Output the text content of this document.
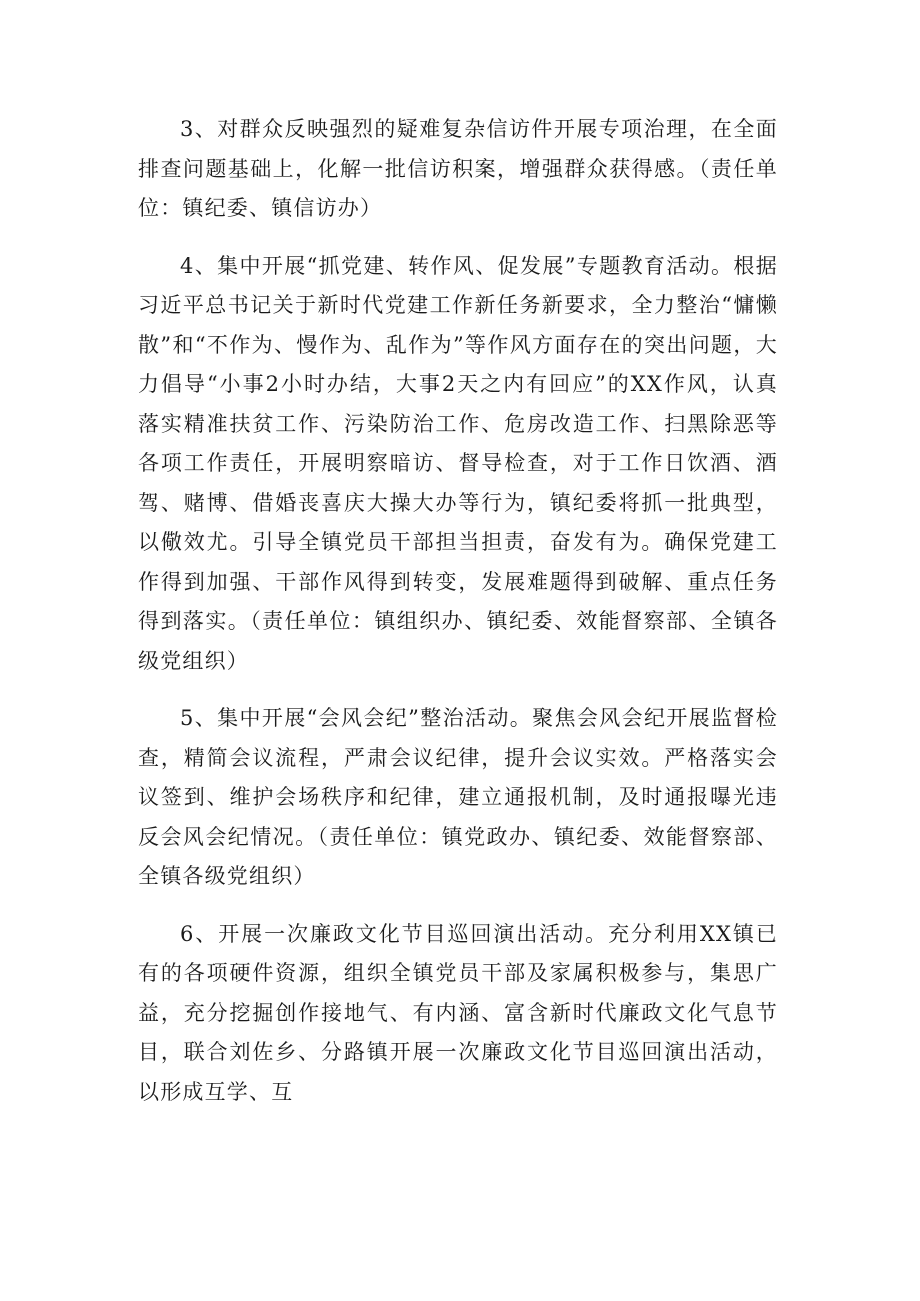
3、对群众反映强烈的疑难复杂信访件开展专项治理，在全面排查问题基础上，化解一批信访积案，增强群众获得感。（责任单位：镇纪委、镇信访办）

4、集中开展“抓党建、转作风、促发展”专题教育活动。根据习近平总书记关于新时代党建工作新任务新要求，全力整治“慵懒散”和“不作为、慢作为、乱作为”等作风方面存在的突出问题，大力倡导“小事2小时办结，大事2天之内有回应”的XX作风，认真落实精准扶贫工作、污染防治工作、危房改造工作、扫黑除恶等各项工作责任，开展明察暗访、督导检查，对于工作日饮酒、酒驾、赌博、借婚丧喜庆大操大办等行为，镇纪委将抓一批典型，以儆效尤。引导全镇党员干部担当担责，奋发有为。确保党建工作得到加强、干部作风得到转变，发展难题得到破解、重点任务得到落实。（责任单位：镇组织办、镇纪委、效能督察部、全镇各级党组织）

5、集中开展“会风会纪”整治活动。聚焦会风会纪开展监督检查，精简会议流程，严肃会议纪律，提升会议实效。严格落实会议签到、维护会场秩序和纪律，建立通报机制，及时通报曝光违反会风会纪情况。（责任单位：镇党政办、镇纪委、效能督察部、全镇各级党组织）

6、开展一次廉政文化节目巡回演出活动。充分利用XX镇已有的各项硬件资源，组织全镇党员干部及家属积极参与，集思广益，充分挖掘创作接地气、有内涵、富含新时代廉政文化气息节目，联合刘佐乡、分路镇开展一次廉政文化节目巡回演出活动，以形成互学、互
